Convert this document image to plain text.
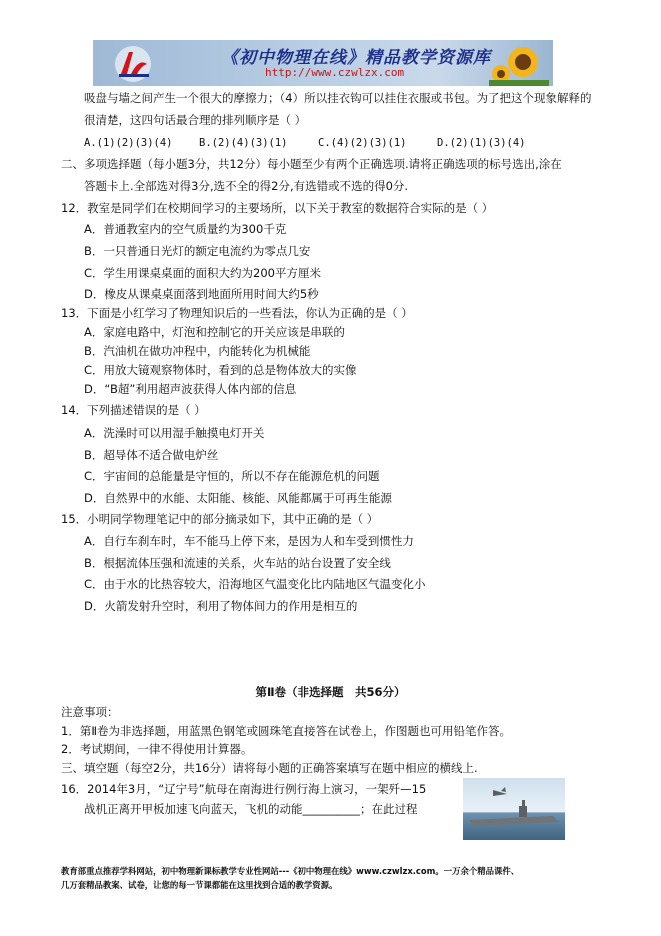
《初中物理在线》精品教学资源库
http://www.czwlzx.com
吸盘与墙之间产生一个很大的摩擦力；（4）所以挂衣钩可以挂住衣服或书包。为了把这个现象解释的
很清楚，这四句话最合理的排列顺序是（ ）
A.(1)(2)(3)(4)	B.(2)(4)(3)(1)	C.(4)(2)(3)(1)	D.(2)(1)(3)(4)
二、多项选择题（每小题3分，共12分）每小题至少有两个正确选项.请将正确选项的标号选出,涂在
答题卡上.全部选对得3分,选不全的得2分,有选错或不选的得0分.
12．教室是同学们在校期间学习的主要场所，以下关于教室的数据符合实际的是（ ）
A．普通教室内的空气质量约为300千克
B．一只普通日光灯的额定电流约为零点几安
C．学生用课桌桌面的面积大约为200平方厘米
D．橡皮从课桌桌面落到地面所用时间大约5秒
13．下面是小红学习了物理知识后的一些看法，你认为正确的是（ ）
A．家庭电路中，灯泡和控制它的开关应该是串联的
B．汽油机在做功冲程中，内能转化为机械能
C．用放大镜观察物体时，看到的总是物体放大的实像
D．“B超”利用超声波获得人体内部的信息
14．下列描述错误的是（ ）
A．洗澡时可以用湿手触摸电灯开关
B．超导体不适合做电炉丝
C．宇宙间的总能量是守恒的，所以不存在能源危机的问题
D．自然界中的水能、太阳能、核能、风能都属于可再生能源
15．小明同学物理笔记中的部分摘录如下，其中正确的是（ ）
A．自行车刹车时，车不能马上停下来，是因为人和车受到惯性力
B．根据流体压强和流速的关系，火车站的站台设置了安全线
C．由于水的比热容较大，沿海地区气温变化比内陆地区气温变化小
D．火箭发射升空时，利用了物体间力的作用是相互的
第Ⅱ卷（非选择题　共56分）
注意事项：
1．第Ⅱ卷为非选择题，用蓝黑色钢笔或圆珠笔直接答在试卷上，作图题也可用铅笔作答。
2．考试期间，一律不得使用计算器。
三、填空题（每空2分，共16分）请将每小题的正确答案填写在题中相应的横线上.
16．2014年3月，“辽宁号”航母在南海进行例行海上演习，一架歼—15
战机正离开甲板加速飞向蓝天，飞机的动能__________；在此过程
教育部重点推荐学科网站，初中物理新课标教学专业性网站---《初中物理在线》www.czwlzx.com。一万余个精品课件、
几万套精品教案、试卷，让您的每一节课都能在这里找到合适的教学资源。
